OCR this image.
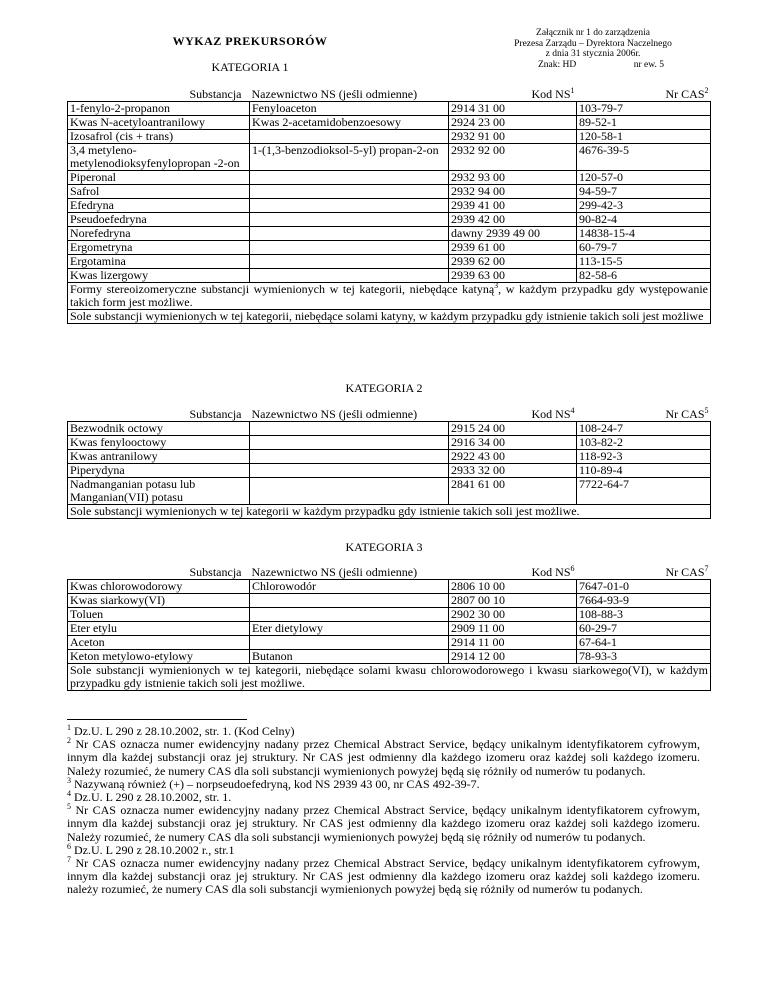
WYKAZ PREKURSORÓW
Załącznik nr 1 do zarządzenia
Prezesa Zarządu – Dyrektora Naczelnego
z dnia 31 stycznia 2006r.
Znak: HD	nr ew. 5
KATEGORIA 1
Substancja	Nazewnictwo NS (jeśli odmienne)	Kod $NS^1$	Nr CAS$^2$
1-fenylo-2-propanon	Fenyloaceton	2914 31 00	103-79-7
Kwas N-acetyloantranilowy	Kwas 2-acetamidobenzoesowy	2924 23 00	89-52-1
Izosafrol (cis + trans)		2932 91 00	120-58-1
3,4 metyleno-metylenodioksyfenylopropan -2-on	1-(1,3-benzodioksol-5-yl) propan-2-on	2932 92 00	4676-39-5
Piperonal		2932 93 00	120-57-0
Safrol		2932 94 00	94-59-7
Efedryna		2939 41 00	299-42-3
Pseudoefedryna		2939 42 00	90-82-4
Norefedryna		dawny 2939 49 00	14838-15-4
Ergometryna		2939 61 00	60-79-7
Ergotamina		2939 62 00	113-15-5
Kwas lizergowy		2939 63 00	82-58-6
Formy stereoizomeryczne substancji wymienionych w tej kategorii, niebędące katyną$^3$, w każdym przypadku gdy występowanie takich form jest możliwe.			
Sole substancji wymienionych w tej kategorii, niebędące solami katyny, w każdym przypadku gdy istnienie takich soli jest możliwe			
KATEGORIA 2
Substancja	Nazewnictwo NS (jeśli odmienne)	Kod $NS^4$	Nr CAS$^5$
Bezwodnik octowy		2915 24 00	108-24-7
Kwas fenylooctowy		2916 34 00	103-82-2
Kwas antranilowy		2922 43 00	118-92-3
Piperydyna		2933 32 00	110-89-4
Nadmanganian potasu lub Manganian(VII) potasu		2841 61 00	7722-64-7
Sole substancji wymienionych w tej kategorii w każdym przypadku gdy istnienie takich soli jest możliwe.			
KATEGORIA 3
Substancja	Nazewnictwo NS (jeśli odmienne)	Kod $NS^6$	Nr CAS$^7$
Kwas chlorowodorowy	Chlorowodór	2806 10 00	7647-01-0
Kwas siarkowy(VI)		2807 00 10	7664-93-9
Toluen		2902 30 00	108-88-3
Eter etylu	Eter dietylowy	2909 11 00	60-29-7
Aceton		2914 11 00	67-64-1
Keton metylowo-etylowy	Butanon	2914 12 00	78-93-3
Sole substancji wymienionych w tej kategorii, niebędące solami kwasu chlorowodorowego i kwasu siarkowego(VI), w każdym przypadku gdy istnienie takich soli jest możliwe.			

$^1$ Dz.U. L 290 z 28.10.2002, str. 1. (Kod Celny)

$^2$ Nr CAS oznacza numer ewidencyjny nadany przez Chemical Abstract Service, będący unikalnym identyfikatorem cyfrowym, innym dla każdej substancji oraz jej struktury. Nr CAS jest odmienny dla każdego izomeru oraz każdej soli każdego izomeru. Należy rozumieć, że numery CAS dla soli substancji wymienionych powyżej będą się różniły od numerów tu podanych.

$^3$ Nazywaną również (+) – norpseudoefedryną, kod NS 2939 43 00, nr CAS 492-39-7.

$^4$ Dz.U. L 290 z 28.10.2002, str. 1.

$^5$ Nr CAS oznacza numer ewidencyjny nadany przez Chemical Abstract Service, będący unikalnym identyfikatorem cyfrowym, innym dla każdej substancji oraz jej struktury. Nr CAS jest odmienny dla każdego izomeru oraz każdej soli każdego izomeru. Należy rozumieć, że numery CAS dla soli substancji wymienionych powyżej będą się różniły od numerów tu podanych.

$^6$ Dz.U. L 290 z 28.10.2002 r., str.1

$^7$ Nr CAS oznacza numer ewidencyjny nadany przez Chemical Abstract Service, będący unikalnym identyfikatorem cyfrowym, innym dla każdej substancji oraz jej struktury. Nr CAS jest odmienny dla każdego izomeru oraz każdej soli każdego izomeru. należy rozumieć, że numery CAS dla soli substancji wymienionych powyżej będą się różniły od numerów tu podanych.
